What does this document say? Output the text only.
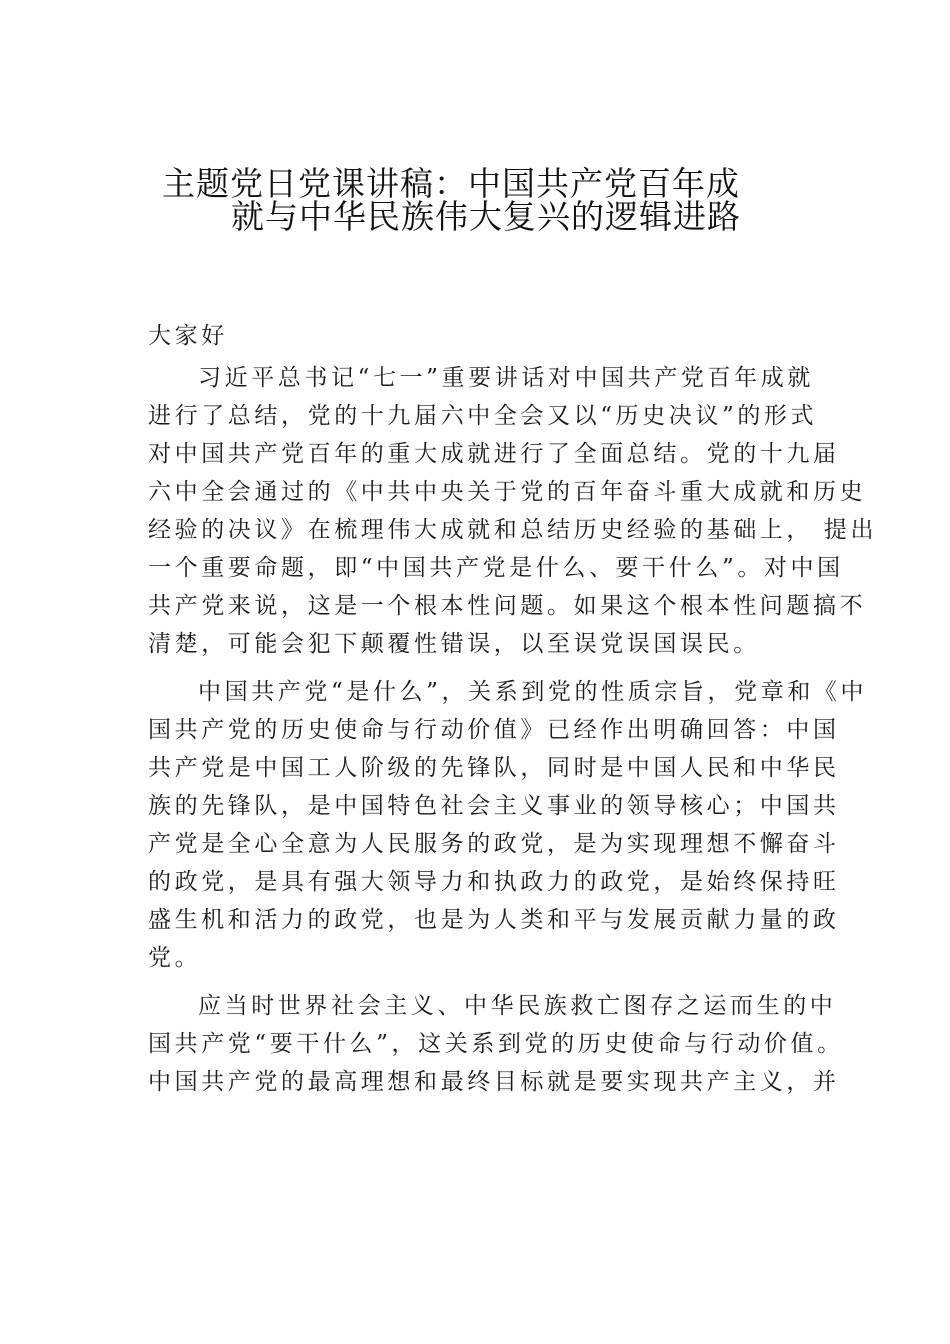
主题党日党课讲稿：中国共产党百年成
就与中华民族伟大复兴的逻辑进路
大家好
习近平总书记“七一”重要讲话对中国共产党百年成就
进行了总结，党的十九届六中全会又以“历史决议”的形式
对中国共产党百年的重大成就进行了全面总结。党的十九届
六中全会通过的《中共中央关于党的百年奋斗重大成就和历史
经验的决议》在梳理伟大成就和总结历史经验的基础上， 提出
一个重要命题，即“中国共产党是什么、要干什么”。对中国
共产党来说，这是一个根本性问题。如果这个根本性问题搞不
清楚，可能会犯下颠覆性错误，以至误党误国误民。
中国共产党“是什么”，关系到党的性质宗旨，党章和《中
国共产党的历史使命与行动价值》已经作出明确回答：中国
共产党是中国工人阶级的先锋队，同时是中国人民和中华民
族的先锋队，是中国特色社会主义事业的领导核心；中国共
产党是全心全意为人民服务的政党，是为实现理想不懈奋斗
的政党，是具有强大领导力和执政力的政党，是始终保持旺
盛生机和活力的政党，也是为人类和平与发展贡献力量的政
党。
应当时世界社会主义、中华民族救亡图存之运而生的中
国共产党“要干什么”，这关系到党的历史使命与行动价值。
中国共产党的最高理想和最终目标就是要实现共产主义，并
